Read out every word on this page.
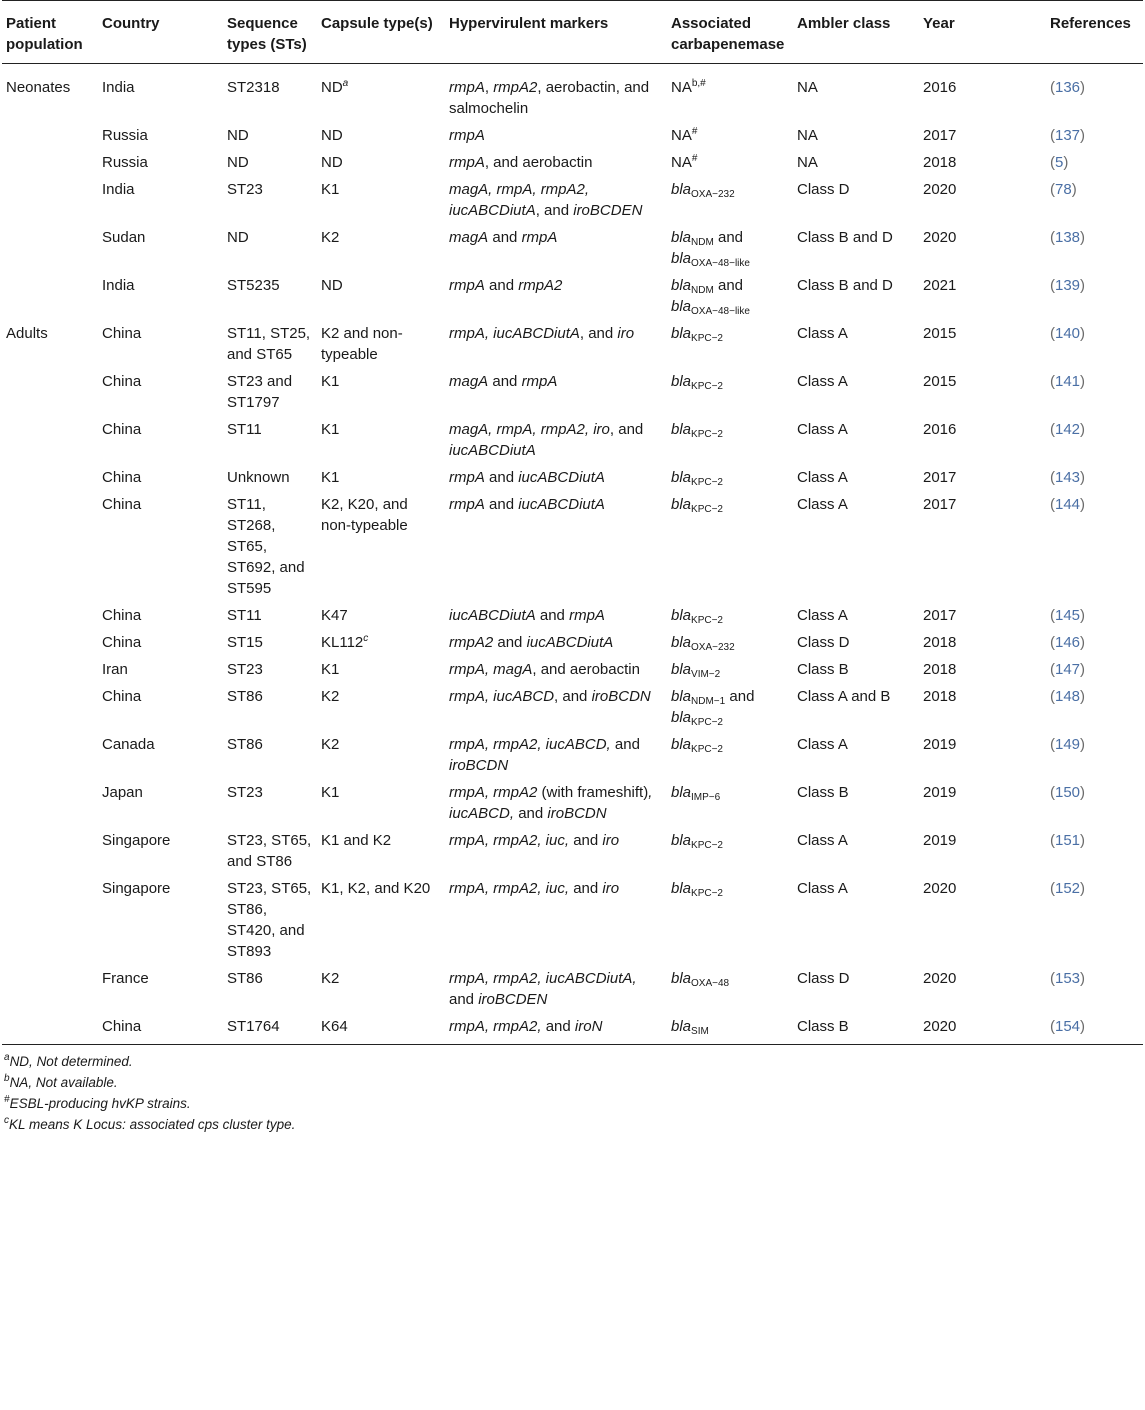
Patient population	Country	Sequence types (STs)	Capsule type(s)	Hypervirulent markers	Associated carbapenemase	Ambler class	Year	References
Neonates	India	ST2318	$ND^a$	rmpA, rmpA2, aerobactin, and salmochelin	$NA^{b,\#}$	NA	2016	(136)
	Russia	ND	ND	rmpA	NA#	NA	2017	(137)
	Russia	ND	ND	rmpA, and aerobactin	NA#	NA	2018	(5)
	India	ST23	K1	magA, rmpA, rmpA2, iucABCDiutA, and iroBCDEN	bla$_{OXA-232}$	Class D	2020	(78)
	Sudan	ND	K2	magA and rmpA	bla$_{NDM}$ and bla$_{OXA-48-like}$	Class B and D	2020	(138)
	India	ST5235	ND	rmpA and rmpA2	bla$_{NDM}$ and bla$_{OXA-48-like}$	Class B and D	2021	(139)
Adults	China	ST11, ST25, and ST65	K2 and non-typeable	rmpA, iucABCDiutA, and iro	bla$_{KPC-2}$	Class A	2015	(140)
	China	ST23 and ST1797	K1	magA and rmpA	bla$_{KPC-2}$	Class A	2015	(141)
	China	ST11	K1	magA, rmpA, rmpA2, iro, and iucABCDiutA	bla$_{KPC-2}$	Class A	2016	(142)
	China	Unknown	K1	rmpA and iucABCDiutA	bla$_{KPC-2}$	Class A	2017	(143)
	China	ST11, ST268, ST65, ST692, and ST595	K2, K20, and non-typeable	rmpA and iucABCDiutA	bla$_{KPC-2}$	Class A	2017	(144)
	China	ST11	K47	iucABCDiutA and rmpA	bla$_{KPC-2}$	Class A	2017	(145)
	China	ST15	KL112$^c$	rmpA2 and iucABCDiutA	bla$_{OXA-232}$	Class D	2018	(146)
	Iran	ST23	K1	rmpA, magA, and aerobactin	bla$_{VIM-2}$	Class B	2018	(147)
	China	ST86	K2	rmpA, iucABCD, and iroBCDN	bla$_{NDM-1}$ and bla$_{KPC-2}$	Class A and B	2018	(148)
	Canada	ST86	K2	rmpA, rmpA2, iucABCD, and iroBCDN	bla$_{KPC-2}$	Class A	2019	(149)
	Japan	ST23	K1	rmpA, rmpA2 (with frameshift), iucABCD, and iroBCDN	bla$_{IMP-6}$	Class B	2019	(150)
	Singapore	ST23, ST65, and ST86	K1 and K2	rmpA, rmpA2, iuc, and iro	bla$_{KPC-2}$	Class A	2019	(151)
	Singapore	ST23, ST65, ST86, ST420, and ST893	K1, K2, and K20	rmpA, rmpA2, iuc, and iro	bla$_{KPC-2}$	Class A	2020	(152)
	France	ST86	K2	rmpA, rmpA2, iucABCDiutA, and iroBCDEN	bla$_{OXA-48}$	Class D	2020	(153)
	China	ST1764	K64	rmpA, rmpA2, and iroN	bla$_{SIM}$	Class B	2020	(154)
$^a$ND, Not determined.
$^b$NA, Not available.
#ESBL-producing hvKP strains.
$^c$KL means K Locus: associated cps cluster type.
